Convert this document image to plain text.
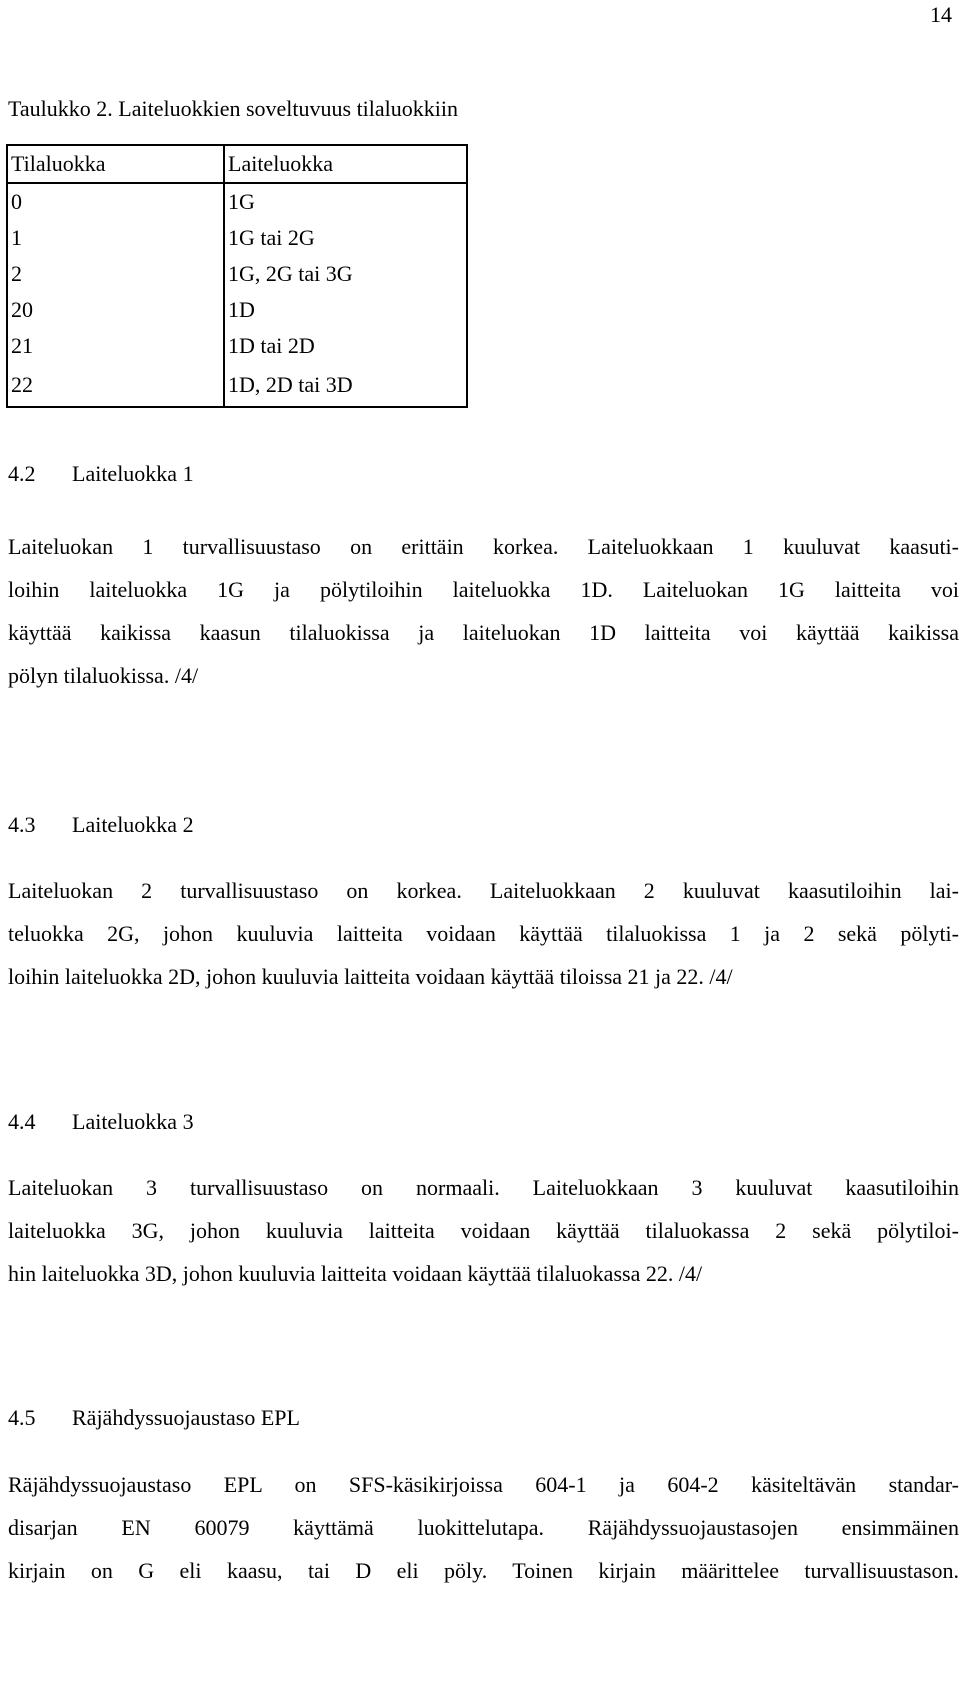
14
Taulukko 2. Laiteluokkien soveltuvuus tilaluokkiin
Tilaluokka	Laiteluokka
0	1G
1	1G tai 2G
2	1G, 2G tai 3G
20	1D
21	1D tai 2D
22	1D, 2D tai 3D
4.2 Laiteluokka 1
Laiteluokan 1 turvallisuustaso on erittäin korkea. Laiteluokkaan 1 kuuluvat kaasuti-
loihin laiteluokka 1G ja pölytiloihin laiteluokka 1D. Laiteluokan 1G laitteita voi
käyttää kaikissa kaasun tilaluokissa ja laiteluokan 1D laitteita voi käyttää kaikissa
pölyn tilaluokissa. /4/
4.3 Laiteluokka 2
Laiteluokan 2 turvallisuustaso on korkea. Laiteluokkaan 2 kuuluvat kaasutiloihin lai-
teluokka 2G, johon kuuluvia laitteita voidaan käyttää tilaluokissa 1 ja 2 sekä pölyti-
loihin laiteluokka 2D, johon kuuluvia laitteita voidaan käyttää tiloissa 21 ja 22. /4/
4.4 Laiteluokka 3
Laiteluokan 3 turvallisuustaso on normaali. Laiteluokkaan 3 kuuluvat kaasutiloihin
laiteluokka 3G, johon kuuluvia laitteita voidaan käyttää tilaluokassa 2 sekä pölytiloi-
hin laiteluokka 3D, johon kuuluvia laitteita voidaan käyttää tilaluokassa 22. /4/
4.5 Räjähdyssuojaustaso EPL
Räjähdyssuojaustaso EPL on SFS-käsikirjoissa 604-1 ja 604-2 käsiteltävän standar-
disarjan EN 60079 käyttämä luokittelutapa. Räjähdyssuojaustasojen ensimmäinen
kirjain on G eli kaasu, tai D eli pöly. Toinen kirjain määrittelee turvallisuustason.
